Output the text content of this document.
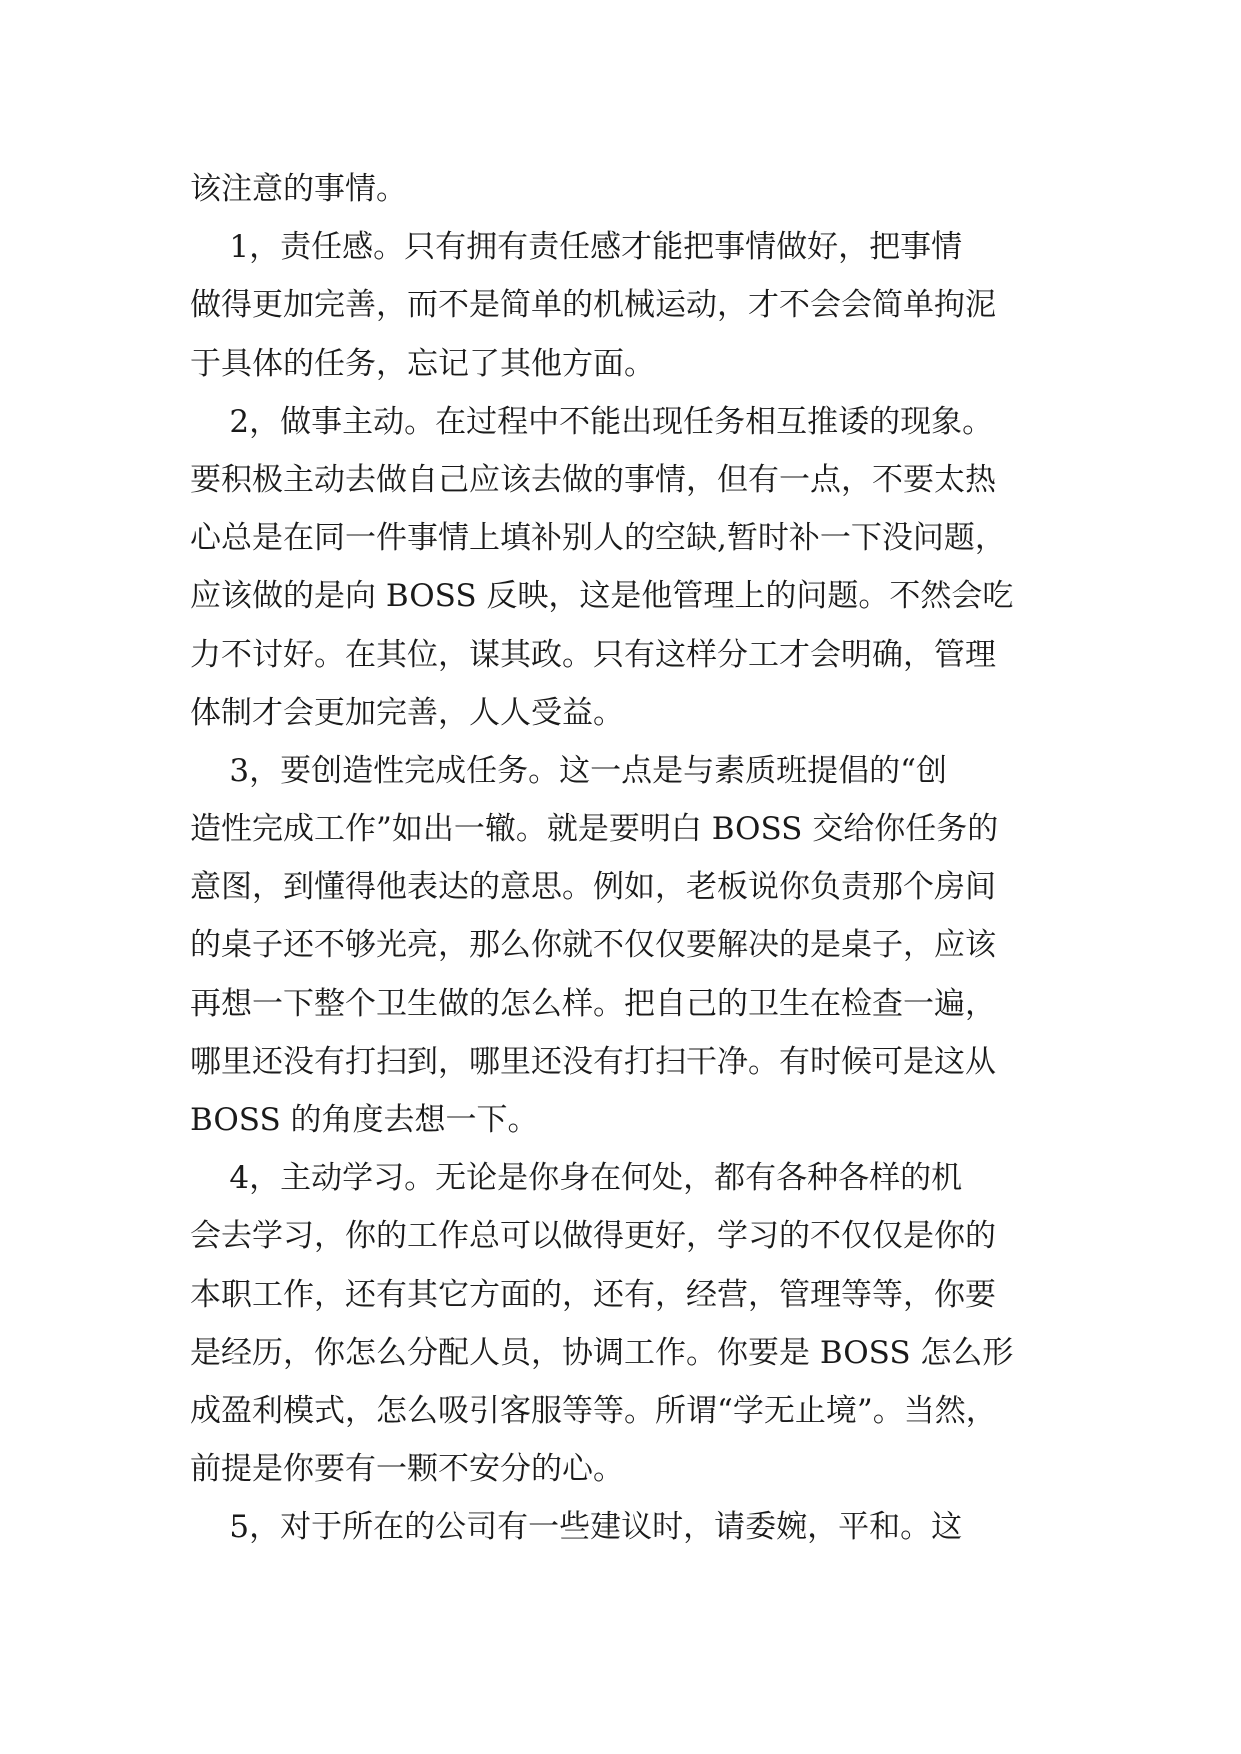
该注意的事情。
1，责任感。只有拥有责任感才能把事情做好，把事情
做得更加完善，而不是简单的机械运动，才不会会简单拘泥
于具体的任务，忘记了其他方面。
2，做事主动。在过程中不能出现任务相互推诿的现象。
要积极主动去做自己应该去做的事情，但有一点，不要太热
心总是在同一件事情上填补别人的空缺,暂时补一下没问题，
应该做的是向 BOSS 反映，这是他管理上的问题。不然会吃
力不讨好。在其位，谋其政。只有这样分工才会明确，管理
体制才会更加完善，人人受益。
3，要创造性完成任务。这一点是与素质班提倡的“创
造性完成工作”如出一辙。就是要明白 BOSS 交给你任务的
意图，到懂得他表达的意思。例如，老板说你负责那个房间
的桌子还不够光亮，那么你就不仅仅要解决的是桌子，应该
再想一下整个卫生做的怎么样。把自己的卫生在检查一遍，
哪里还没有打扫到，哪里还没有打扫干净。有时候可是这从
BOSS 的角度去想一下。
4，主动学习。无论是你身在何处，都有各种各样的机
会去学习，你的工作总可以做得更好，学习的不仅仅是你的
本职工作，还有其它方面的，还有，经营，管理等等，你要
是经历，你怎么分配人员，协调工作。你要是 BOSS 怎么形
成盈利模式，怎么吸引客服等等。所谓“学无止境”。当然，
前提是你要有一颗不安分的心。
5，对于所在的公司有一些建议时，请委婉，平和。这
